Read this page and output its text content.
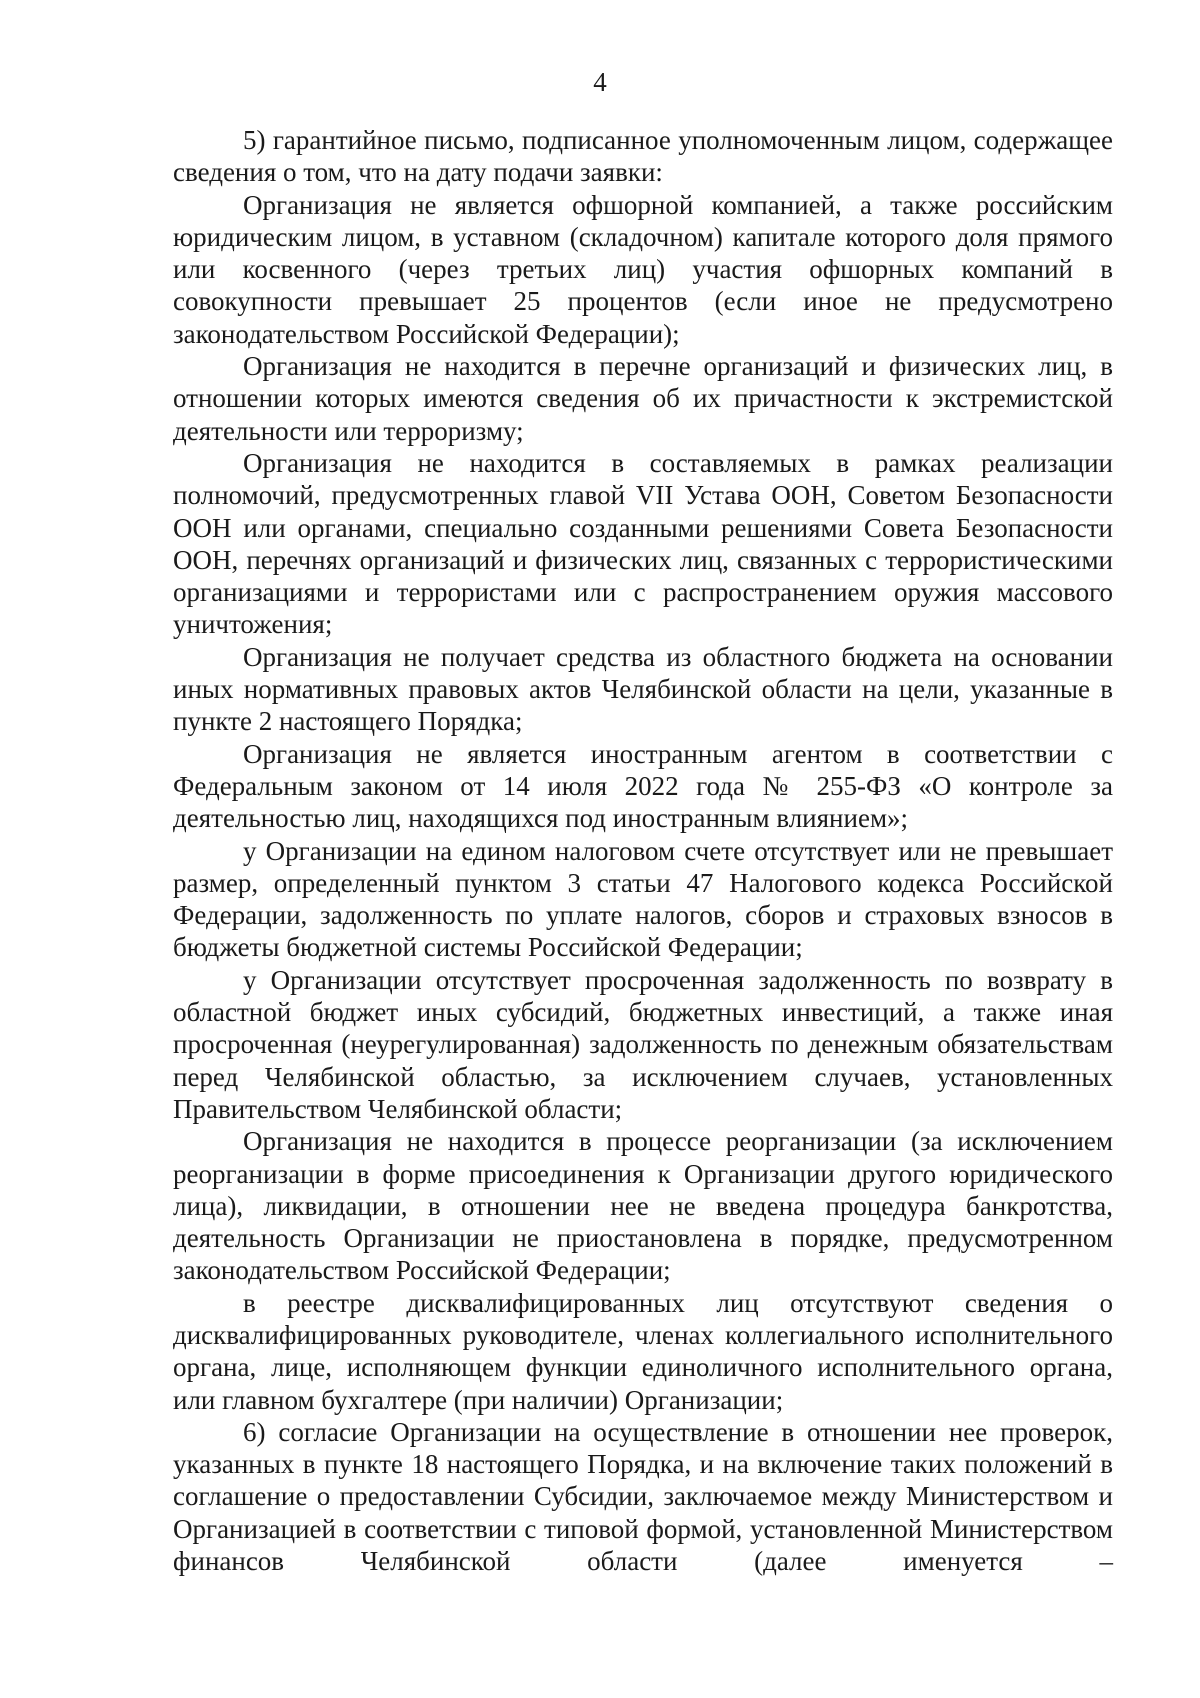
4

5) гарантийное письмо, подписанное уполномоченным лицом, содержащее сведения о том, что на дату подачи заявки:

Организация не является офшорной компанией, а также российским юридическим лицом, в уставном (складочном) капитале которого доля прямого или косвенного (через третьих лиц) участия офшорных компаний в совокупности превышает 25 процентов (если иное не предусмотрено законодательством Российской Федерации);

Организация не находится в перечне организаций и физических лиц, в отношении которых имеются сведения об их причастности к экстремистской деятельности или терроризму;

Организация не находится в составляемых в рамках реализации полномочий, предусмотренных главой VII Устава ООН, Советом Безопасности ООН или органами, специально созданными решениями Совета Безопасности ООН, перечнях организаций и физических лиц, связанных с террористическими организациями и террористами или с распространением оружия массового уничтожения;

Организация не получает средства из областного бюджета на основании иных нормативных правовых актов Челябинской области на цели, указанные в пункте 2 настоящего Порядка;

Организация не является иностранным агентом в соответствии с Федеральным законом от 14 июля 2022 года № 255-ФЗ «О контроле за деятельностью лиц, находящихся под иностранным влиянием»;

у Организации на едином налоговом счете отсутствует или не превышает размер, определенный пунктом 3 статьи 47 Налогового кодекса Российской Федерации, задолженность по уплате налогов, сборов и страховых взносов в бюджеты бюджетной системы Российской Федерации;

у Организации отсутствует просроченная задолженность по возврату в областной бюджет иных субсидий, бюджетных инвестиций, а также иная просроченная (неурегулированная) задолженность по денежным обязательствам перед Челябинской областью, за исключением случаев, установленных Правительством Челябинской области;

Организация не находится в процессе реорганизации (за исключением реорганизации в форме присоединения к Организации другого юридического лица), ликвидации, в отношении нее не введена процедура банкротства, деятельность Организации не приостановлена в порядке, предусмотренном законодательством Российской Федерации;

в реестре дисквалифицированных лиц отсутствуют сведения о дисквалифицированных руководителе, членах коллегиального исполнительного органа, лице, исполняющем функции единоличного исполнительного органа, или главном бухгалтере (при наличии) Организации;

6) согласие Организации на осуществление в отношении нее проверок, указанных в пункте 18 настоящего Порядка, и на включение таких положений в соглашение о предоставлении Субсидии, заключаемое между Министерством и Организацией в соответствии с типовой формой, установленной Министерством финансов Челябинской области (далее именуется –
